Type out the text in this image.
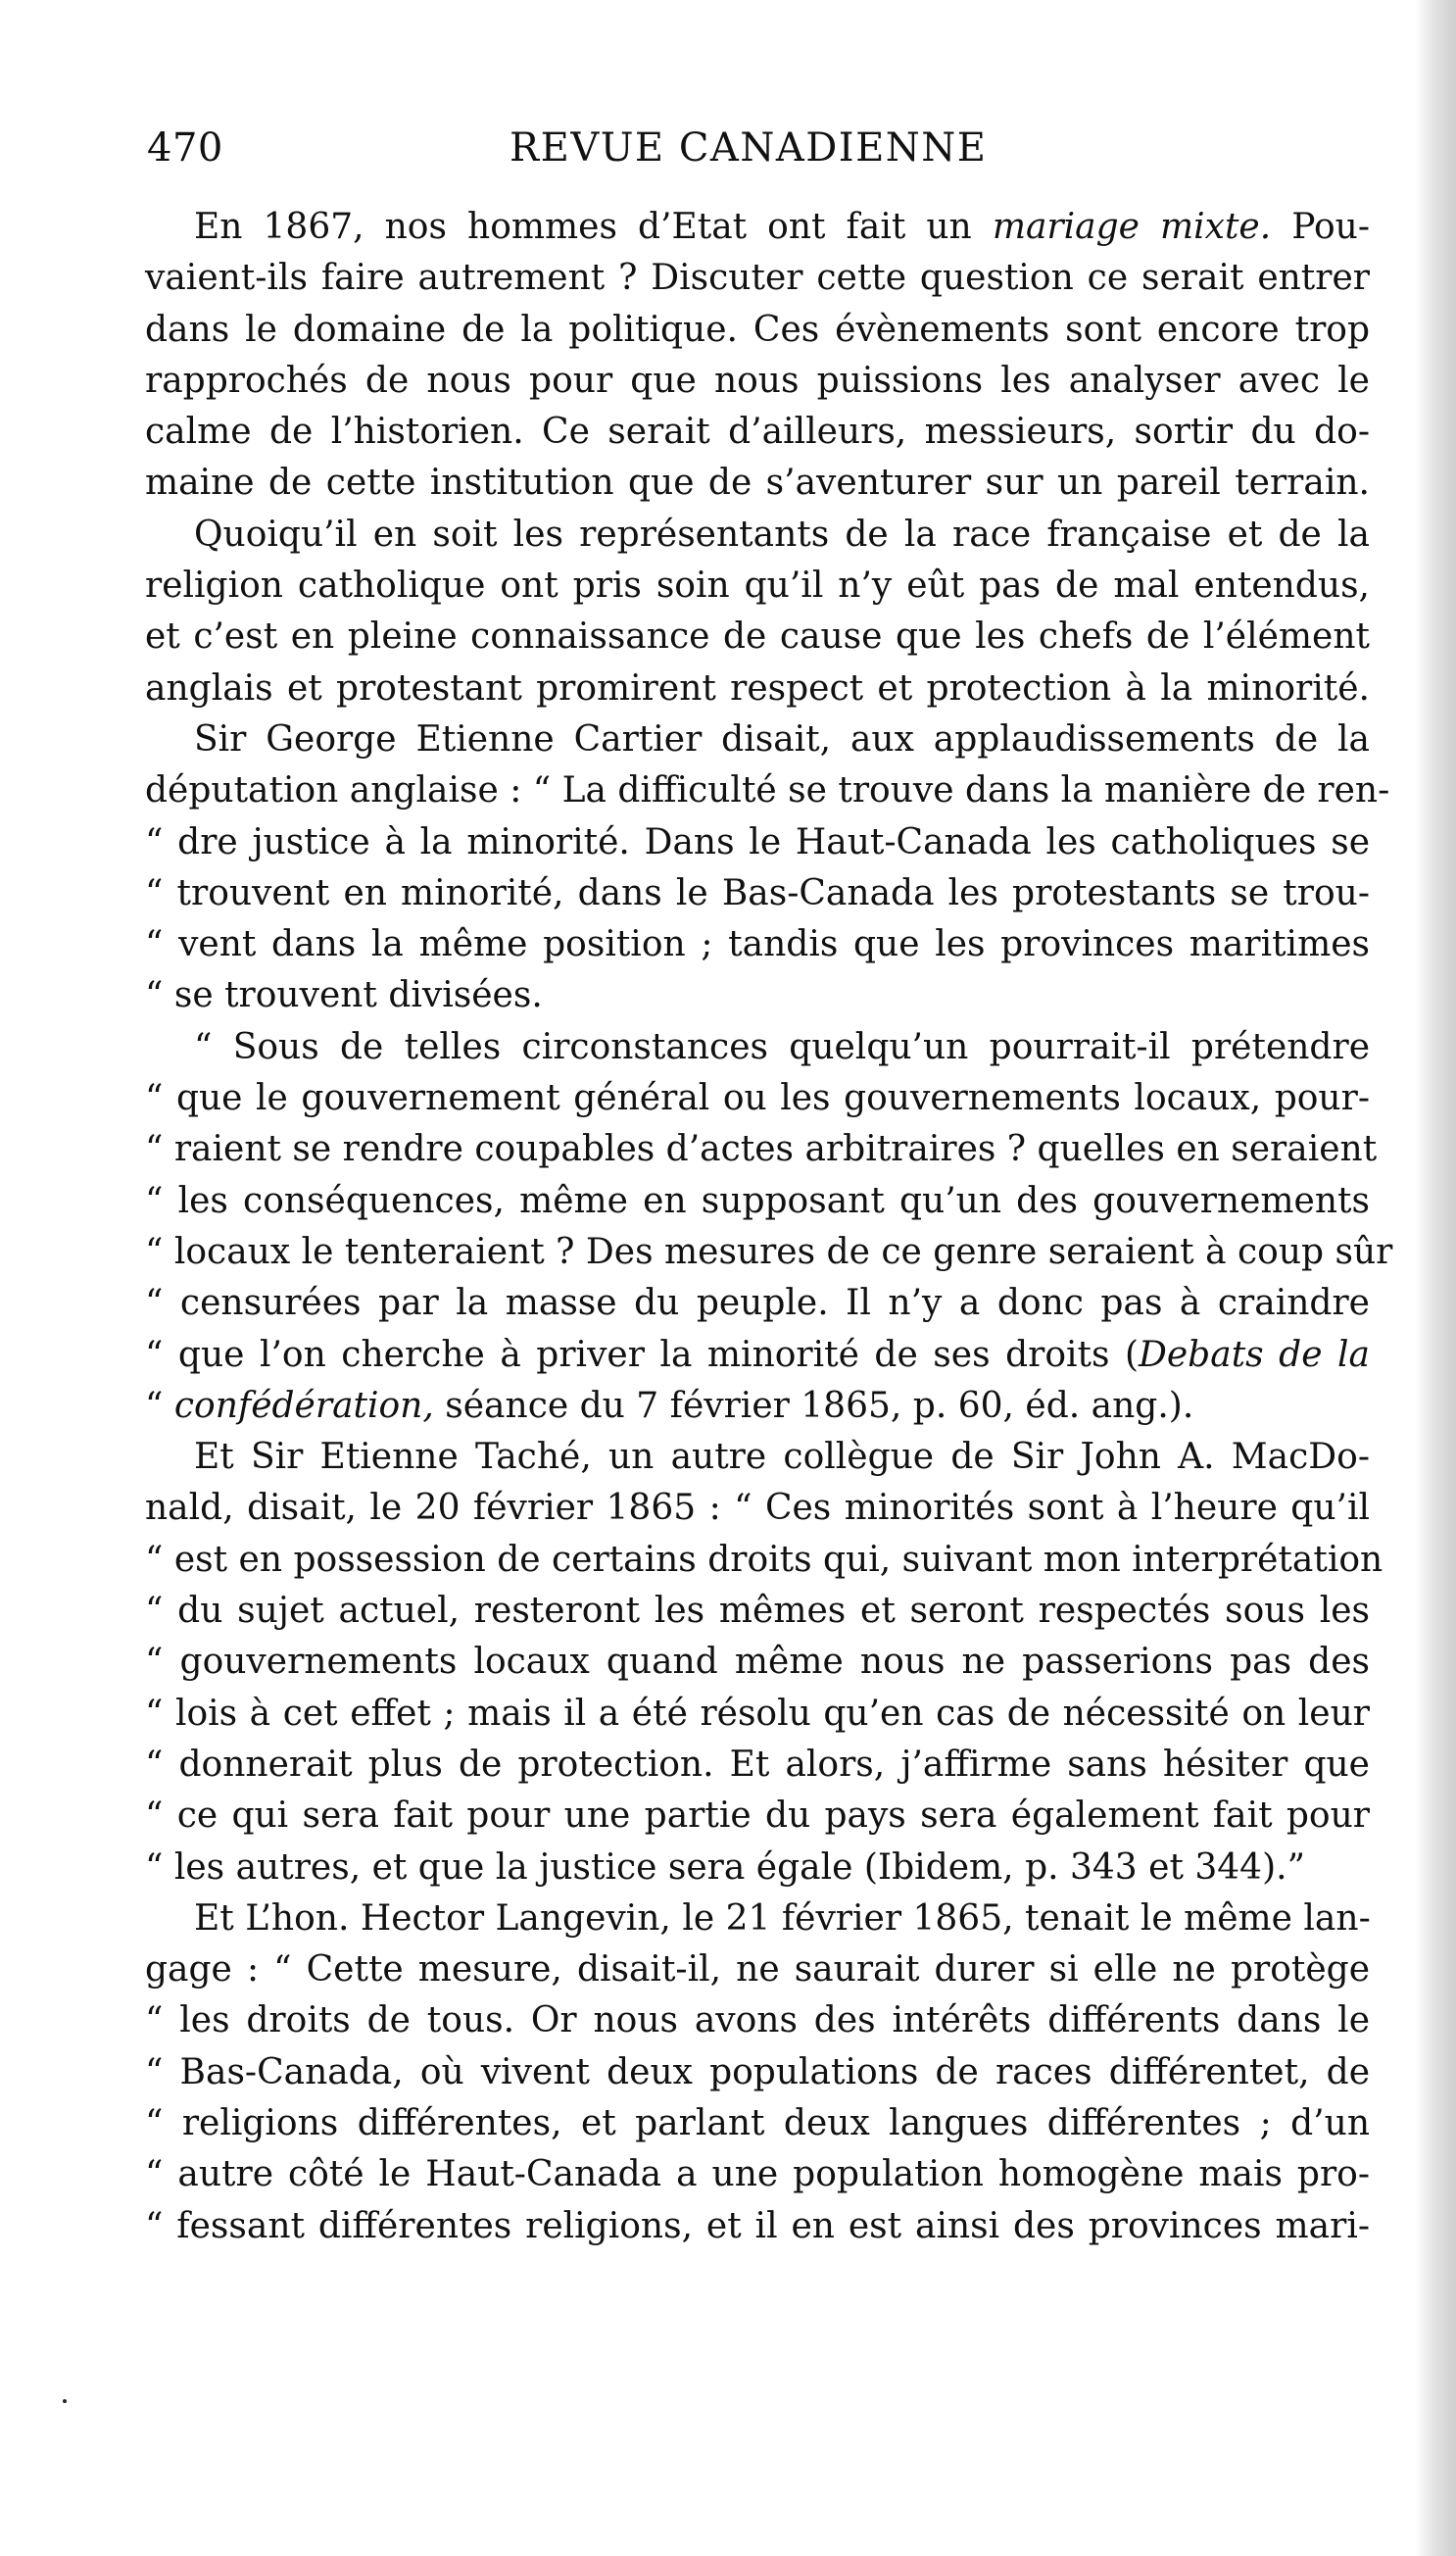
470	REVUE CANADIENNE
En 1867, nos hommes d’Etat ont fait un mariage mixte. Pou-
vaient-ils faire autrement ? Discuter cette question ce serait entrer
dans le domaine de la politique. Ces évènements sont encore trop
rapprochés de nous pour que nous puissions les analyser avec le
calme de l’historien. Ce serait d’ailleurs, messieurs, sortir du do-
maine de cette institution que de s’aventurer sur un pareil terrain.
Quoiqu’il en soit les représentants de la race française et de la
religion catholique ont pris soin qu’il n’y eût pas de mal entendus,
et c’est en pleine connaissance de cause que les chefs de l’élément
anglais et protestant promirent respect et protection à la minorité.
Sir George Etienne Cartier disait, aux applaudissements de la
députation anglaise : “ La difficulté se trouve dans la manière de ren-
“ dre justice à la minorité. Dans le Haut-Canada les catholiques se
“ trouvent en minorité, dans le Bas-Canada les protestants se trou-
“ vent dans la même position ; tandis que les provinces maritimes
“ se trouvent divisées.
“ Sous de telles circonstances quelqu’un pourrait-il prétendre
“ que le gouvernement général ou les gouvernements locaux, pour-
“ raient se rendre coupables d’actes arbitraires ? quelles en seraient
“ les conséquences, même en supposant qu’un des gouvernements
“ locaux le tenteraient ? Des mesures de ce genre seraient à coup sûr
“ censurées par la masse du peuple. Il n’y a donc pas à craindre
“ que l’on cherche à priver la minorité de ses droits (Debats de la
“ confédération, séance du 7 février 1865, p. 60, éd. ang.).
Et Sir Etienne Taché, un autre collègue de Sir John A. MacDo-
nald, disait, le 20 février 1865 : “ Ces minorités sont à l’heure qu’il
“ est en possession de certains droits qui, suivant mon interprétation
“ du sujet actuel, resteront les mêmes et seront respectés sous les
“ gouvernements locaux quand même nous ne passerions pas des
“ lois à cet effet ; mais il a été résolu qu’en cas de nécessité on leur
“ donnerait plus de protection. Et alors, j’affirme sans hésiter que
“ ce qui sera fait pour une partie du pays sera également fait pour
“ les autres, et que la justice sera égale (Ibidem, p. 343 et 344).”
Et L’hon. Hector Langevin, le 21 février 1865, tenait le même lan-
gage : “ Cette mesure, disait-il, ne saurait durer si elle ne protège
“ les droits de tous. Or nous avons des intérêts différents dans le
“ Bas-Canada, où vivent deux populations de races différentet, de
“ religions différentes, et parlant deux langues différentes ; d’un
“ autre côté le Haut-Canada a une population homogène mais pro-
“ fessant différentes religions, et il en est ainsi des provinces mari-
